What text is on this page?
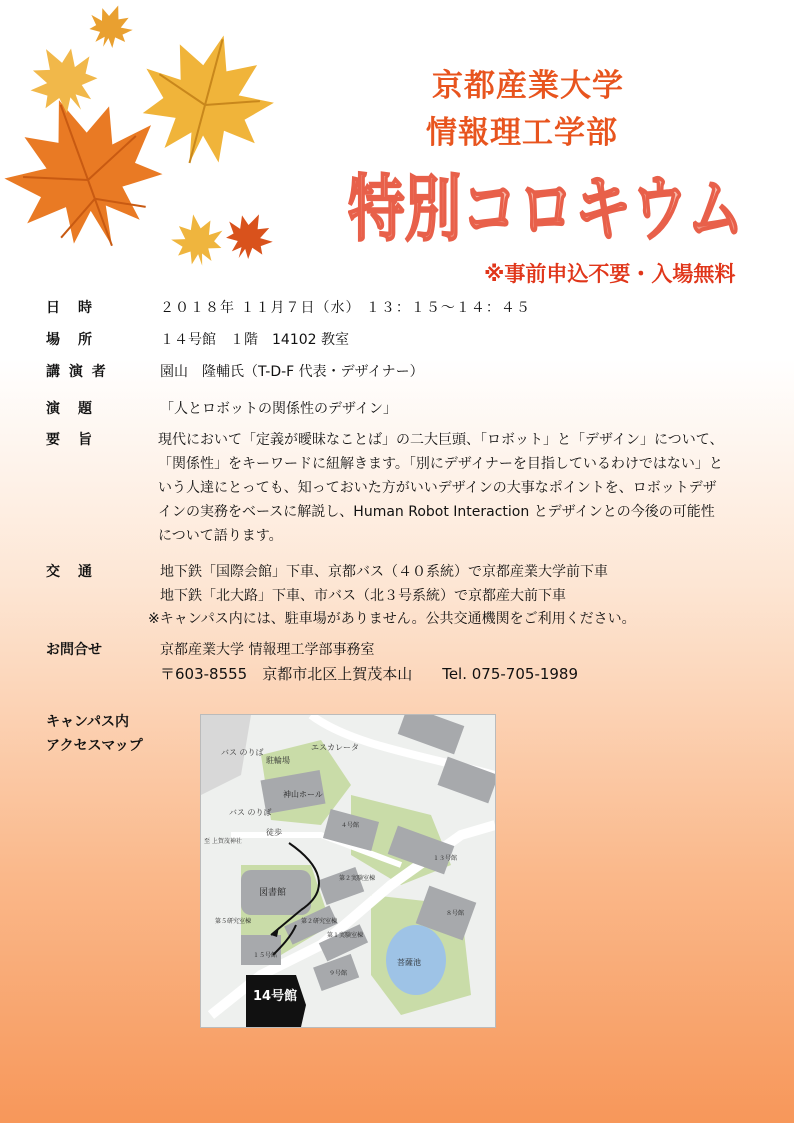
京都産業大学
情報理工学部
特別コロキウム
※事前申込不要・入場無料
日　時	２０１８年 １１月７日（水） １３：１５～１４：４５
場　所	１４号館　１階　14102 教室
講 演 者	園山　隆輔氏（T-D-F 代表・デザイナー）
演　題	「人とロボットの関係性のデザイン」
要　旨	現代において「定義が曖昧なことば」の二大巨頭、「ロボット」と「デザイン」について、
「関係性」をキーワードに紐解きます。「別にデザイナーを目指しているわけではない」と
いう人達にとっても、知っておいた方がいいデザインの大事なポイントを、ロボットデザ
インの実務をベースに解説し、Human Robot Interaction とデザインとの今後の可能性
について語ります。
交　通	地下鉄「国際会館」下車、京都バス（４０系統）で京都産業大学前下車
地下鉄「北大路」下車、市バス（北３号系統）で京都産大前下車
※キャンパス内には、駐車場がありません。公共交通機関をご利用ください。
お問合せ	京都産業大学 情報理工学部事務室
〒603-8555　京都市北区上賀茂本山　　Tel. 075-705-1989
キャンパス内
アクセスマップ	バス のりば
駐輪場
エスカレータ
神山ホール
バス のりば
至 上賀茂神社
徒歩
４号館
１３号館
第２実験室棟
図書館
８号館
第５研究室棟	第２研究室棟
第１実験室棟
菩薩池
１５号館
９号館
14号館
